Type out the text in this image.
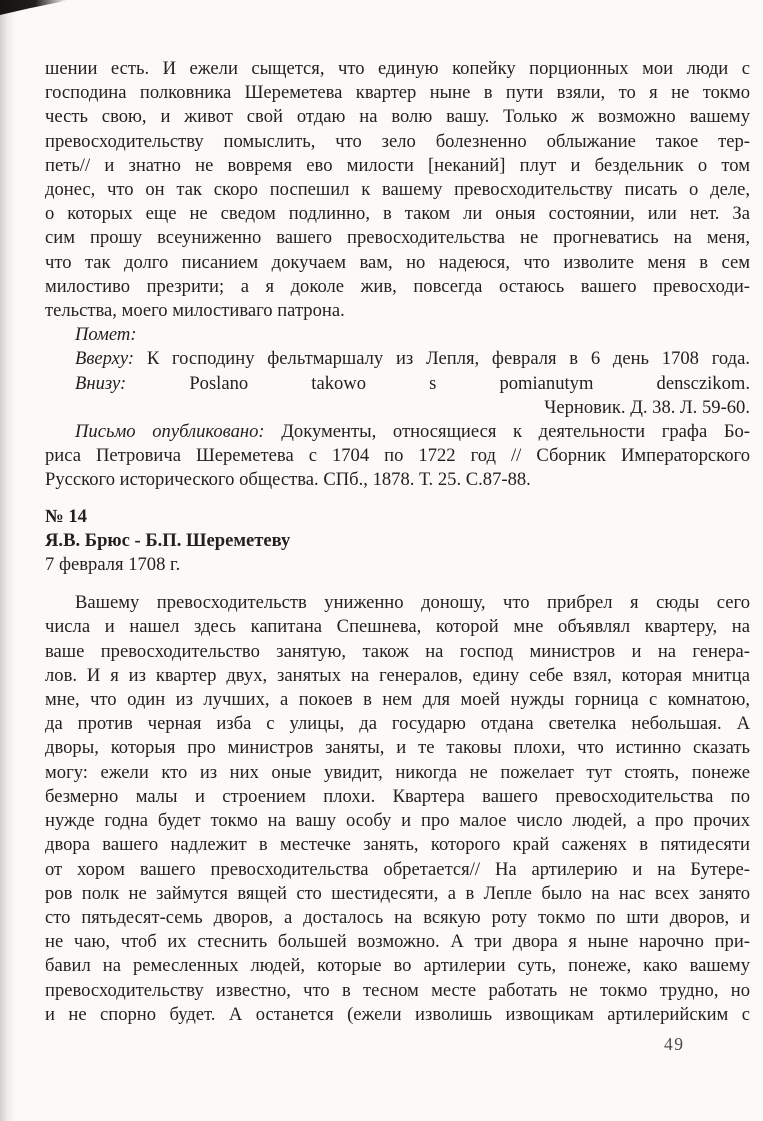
шении есть. И ежели сыщется, что единую копейку порционных мои люди с
господина полковника Шереметева квартер ныне в пути взяли, то я не токмо
честь свою, и живот свой отдаю на волю вашу. Только ж возможно вашему
превосходительству помыслить, что зело болезненно облыжание такое тер-
петь// и знатно не вовремя ево милости [неканий] плут и бездельник о том
донес, что он так скоро поспешил к вашему превосходительству писать о деле,
о которых еще не сведом подлинно, в таком ли оныя состоянии, или нет. За
сим прошу всеуниженно вашего превосходительства не прогневатись на меня,
что так долго писанием докучаем вам, но надеюся, что изволите меня в сем
милостиво презрити; а я доколе жив, повсегда остаюсь вашего превосходи-
тельства, моего милостиваго патрона.
Помет:
Вверху: К господину фельтмаршалу из Лепля, февраля в 6 день 1708 года.
Внизу:	Poslano takowo s pomianutym densczikom.
Черновик. Д. 38. Л. 59-60.
Письмо опубликовано: Документы, относящиеся к деятельности графа Бо-
риса Петровича Шереметева с 1704 по 1722 год // Сборник Императорского
Русского исторического общества. СПб., 1878. Т. 25. С.87-88.
№ 14
Я.В. Брюс - Б.П. Шереметеву
7 февраля 1708 г.
Вашему превосходительств униженно доношу, что прибрел я сюды сего
числа и нашел здесь капитана Спешнева, которой мне объявлял квартеру, на
ваше превосходительство занятую, також на господ министров и на генера-
лов. И я из квартер двух, занятых на генералов, едину себе взял, которая мнитца
мне, что один из лучших, а покоев в нем для моей нужды горница с комнатою,
да против черная изба с улицы, да государю отдана светелка небольшая. А
дворы, которыя про министров заняты, и те таковы плохи, что истинно сказать
могу: ежели кто из них оные увидит, никогда не пожелает тут стоять, понеже
безмерно малы и строением плохи. Квартера вашего превосходительства по
нужде годна будет токмо на вашу особу и про малое число людей, а про прочих
двора вашего надлежит в местечке занять, которого край саженях в пятидесяти
от хором вашего превосходительства обретается// На артилерию и на Бутере-
ров полк не займутся вящей сто шестидесяти, а в Лепле было на нас всех занято
сто пятьдесят-семь дворов, а досталось на всякую роту токмо по шти дворов, и
не чаю, чтоб их стеснить большей возможно. А три двора я ныне нарочно при-
бавил на ремесленных людей, которые во артилерии суть, понеже, како вашему
превосходительству известно, что в тесном месте работать не токмо трудно, но
и не спорно будет. А останется (ежели изволишь извощикам артилерийским с
49
